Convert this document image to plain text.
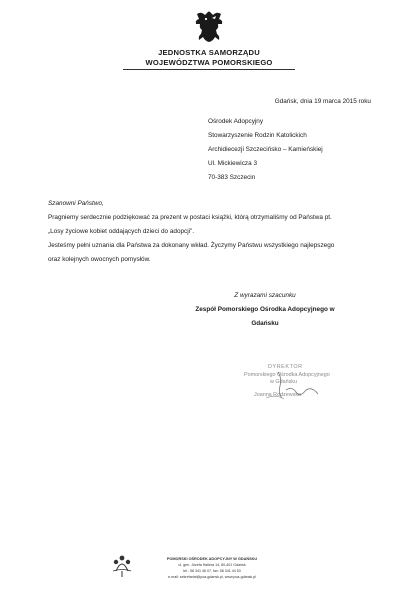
JEDNOSTKA SAMORZĄDU
WOJEWÓDZTWA POMORSKIEGO
Gdańsk, dnia 19 marca 2015 roku
Ośrodek Adopcyjny
Stowarzyszenie Rodzin Katolickich
Archidiecezji Szczecińsko – Kamieńskiej
Ul. Mickiewicza 3
70-383 Szczecin
Szanowni Państwo,
Pragniemy serdecznie podziękować za prezent w postaci książki, którą otrzymaliśmy od Państwa pt.
„Losy życiowe kobiet oddających dzieci do adopcji”.
Jesteśmy pełni uznania dla Państwa za dokonany wkład. Życzymy Państwu wszystkiego najlepszego
oraz kolejnych owocnych pomysłów.
Z wyrazami szacunku
Zespół Pomorskiego Ośrodka Adopcyjnego w
Gdańsku
DYREKTOR
Pomorskiego Ośrodka Adopcyjnego
w Gdańsku
Joanna Rodzewska
POMORSKI OŚRODEK ADOPCYJNY W GDAŃSKU
ul. gen. Józefa Hallera 14, 80-401 Gdańsk
tel.: 58 341 46 07, fax: 58 341 44 53
e-mail: sekretariat@poa-gdansk.pl, www.poa-gdansk.pl
